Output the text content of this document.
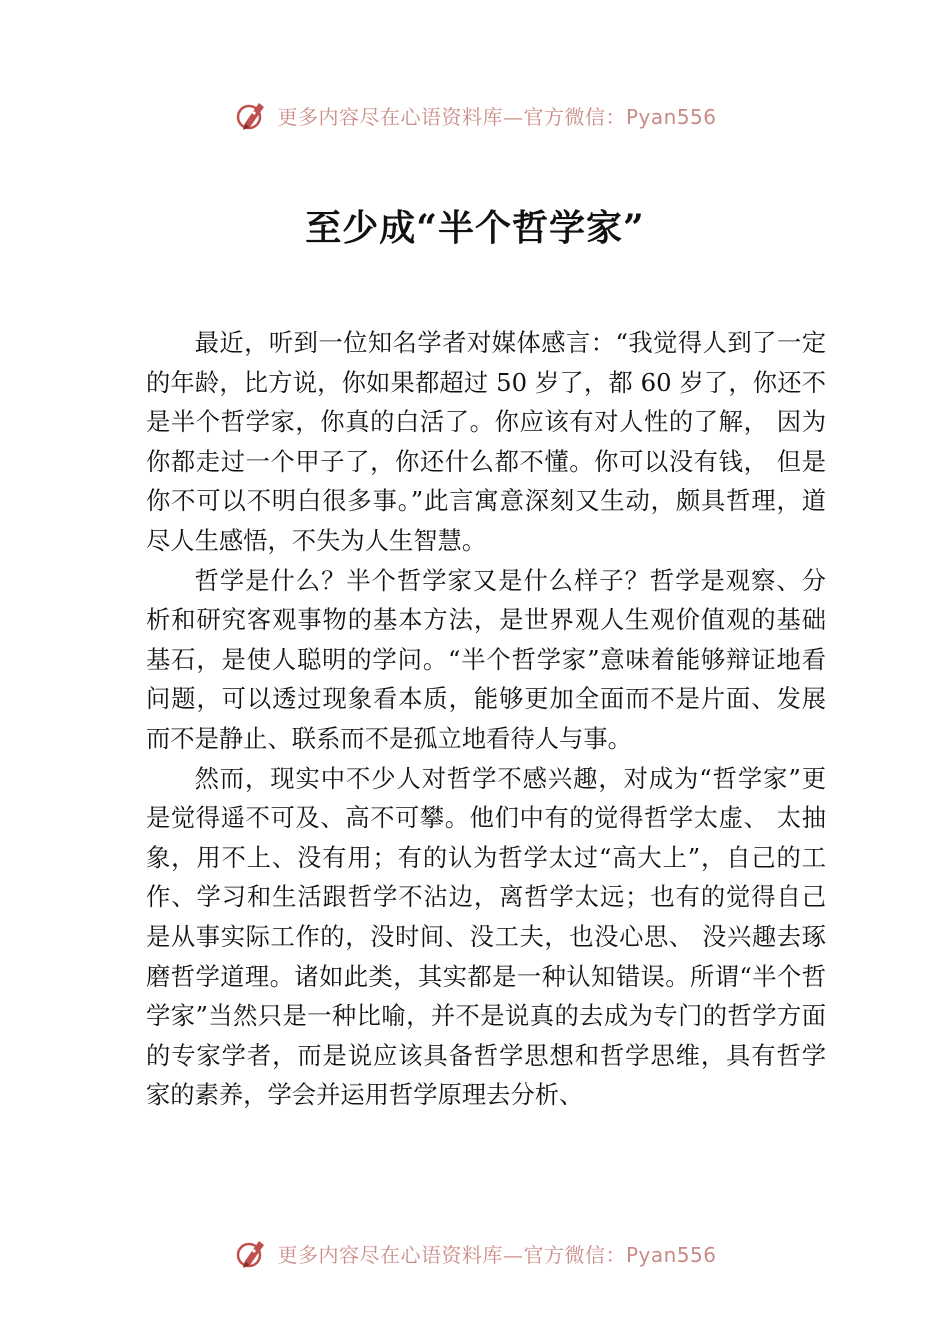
更多内容尽在心语资料库—官方微信：Pyan556
至少成“半个哲学家”

最近，听到一位知名学者对媒体感言：“我觉得人到了一定的年龄，比方说，你如果都超过 50 岁了，都 60 岁了，你还不是半个哲学家，你真的白活了。你应该有对人性的了解， 因为你都走过一个甲子了，你还什么都不懂。你可以没有钱， 但是你不可以不明白很多事。”此言寓意深刻又生动，颇具哲理，道尽人生感悟，不失为人生智慧。

哲学是什么？半个哲学家又是什么样子？哲学是观察、分析和研究客观事物的基本方法，是世界观人生观价值观的基础基石，是使人聪明的学问。“半个哲学家”意味着能够辩证地看问题，可以透过现象看本质，能够更加全面而不是片面、发展而不是静止、联系而不是孤立地看待人与事。

然而，现实中不少人对哲学不感兴趣，对成为“哲学家”更是觉得遥不可及、高不可攀。他们中有的觉得哲学太虚、 太抽象，用不上、没有用；有的认为哲学太过“高大上”，自己的工作、学习和生活跟哲学不沾边，离哲学太远；也有的觉得自己是从事实际工作的，没时间、没工夫，也没心思、 没兴趣去琢磨哲学道理。诸如此类，其实都是一种认知错误。所谓“半个哲学家”当然只是一种比喻，并不是说真的去成为专门的哲学方面的专家学者，而是说应该具备哲学思想和哲学思维，具有哲学家的素养，学会并运用哲学原理去分析、

更多内容尽在心语资料库—官方微信：Pyan556
